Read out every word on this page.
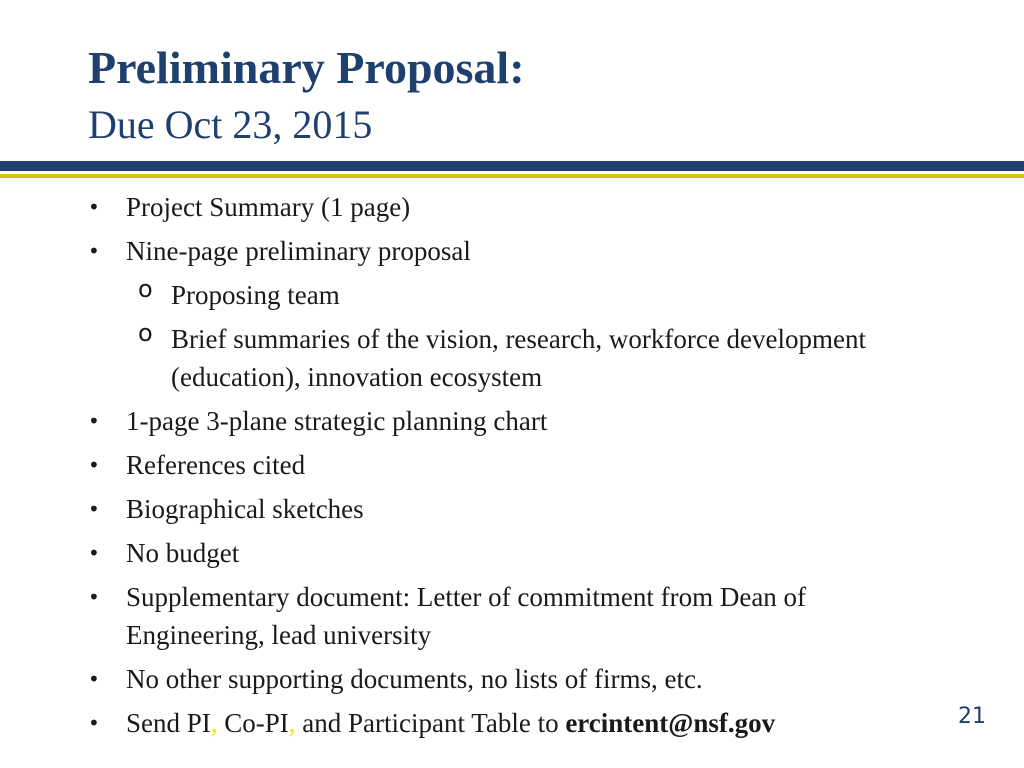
Preliminary Proposal:
Due Oct 23, 2015
• Project Summary (1 page)
• Nine-page preliminary proposal
o Proposing team
o Brief summaries of the vision, research, workforce development (education), innovation ecosystem
• 1-page 3-plane strategic planning chart
• References cited
• Biographical sketches
• No budget
• Supplementary document: Letter of commitment from Dean of Engineering, lead university
• No other supporting documents, no lists of firms, etc.
• Send PI, Co-PI, and Participant Table to ercintent@nsf.gov	21
